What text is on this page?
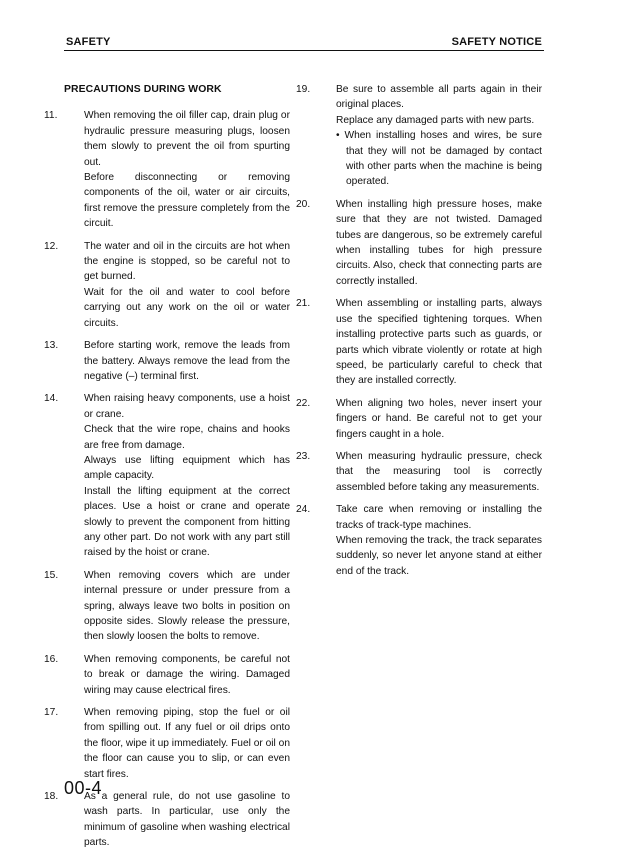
SAFETY	SAFETY NOTICE
PRECAUTIONS DURING WORK

11.	When removing the oil filler cap, drain plug or hydraulic pressure measuring plugs, loosen them slowly to prevent the oil from spurting out.

Before disconnecting or removing components of the oil, water or air circuits, first remove the pressure completely from the circuit.

12.	The water and oil in the circuits are hot when the engine is stopped, so be careful not to get burned.

Wait for the oil and water to cool before carrying out any work on the oil or water circuits.

13.	Before starting work, remove the leads from the battery. Always remove the lead from the negative (–) terminal first.

14.	When raising heavy components, use a hoist or crane.

Check that the wire rope, chains and hooks are free from damage.

Always use lifting equipment which has ample capacity.

Install the lifting equipment at the correct places. Use a hoist or crane and operate slowly to prevent the component from hitting any other part. Do not work with any part still raised by the hoist or crane.

15.	When removing covers which are under internal pressure or under pressure from a spring, always leave two bolts in position on opposite sides. Slowly release the pressure, then slowly loosen the bolts to remove.

16.	When removing components, be careful not to break or damage the wiring. Damaged wiring may cause electrical fires.

17.	When removing piping, stop the fuel or oil from spilling out. If any fuel or oil drips onto the floor, wipe it up immediately. Fuel or oil on the floor can cause you to slip, or can even start fires.

18.	As a general rule, do not use gasoline to wash parts. In particular, use only the minimum of gasoline when washing electrical parts.

19.	Be sure to assemble all parts again in their original places.

Replace any damaged parts with new parts.

• When installing hoses and wires, be sure that they will not be damaged by contact with other parts when the machine is being operated.

20.	When installing high pressure hoses, make sure that they are not twisted. Damaged tubes are dangerous, so be extremely careful when installing tubes for high pressure circuits. Also, check that connecting parts are correctly installed.

21.	When assembling or installing parts, always use the specified tightening torques. When installing protective parts such as guards, or parts which vibrate violently or rotate at high speed, be particularly careful to check that they are installed correctly.

22.	When aligning two holes, never insert your fingers or hand. Be careful not to get your fingers caught in a hole.

23.	When measuring hydraulic pressure, check that the measuring tool is correctly assembled before taking any measurements.

24.	Take care when removing or installing the tracks of track-type machines.

When removing the track, the track separates suddenly, so never let anyone stand at either end of the track.

00-4
